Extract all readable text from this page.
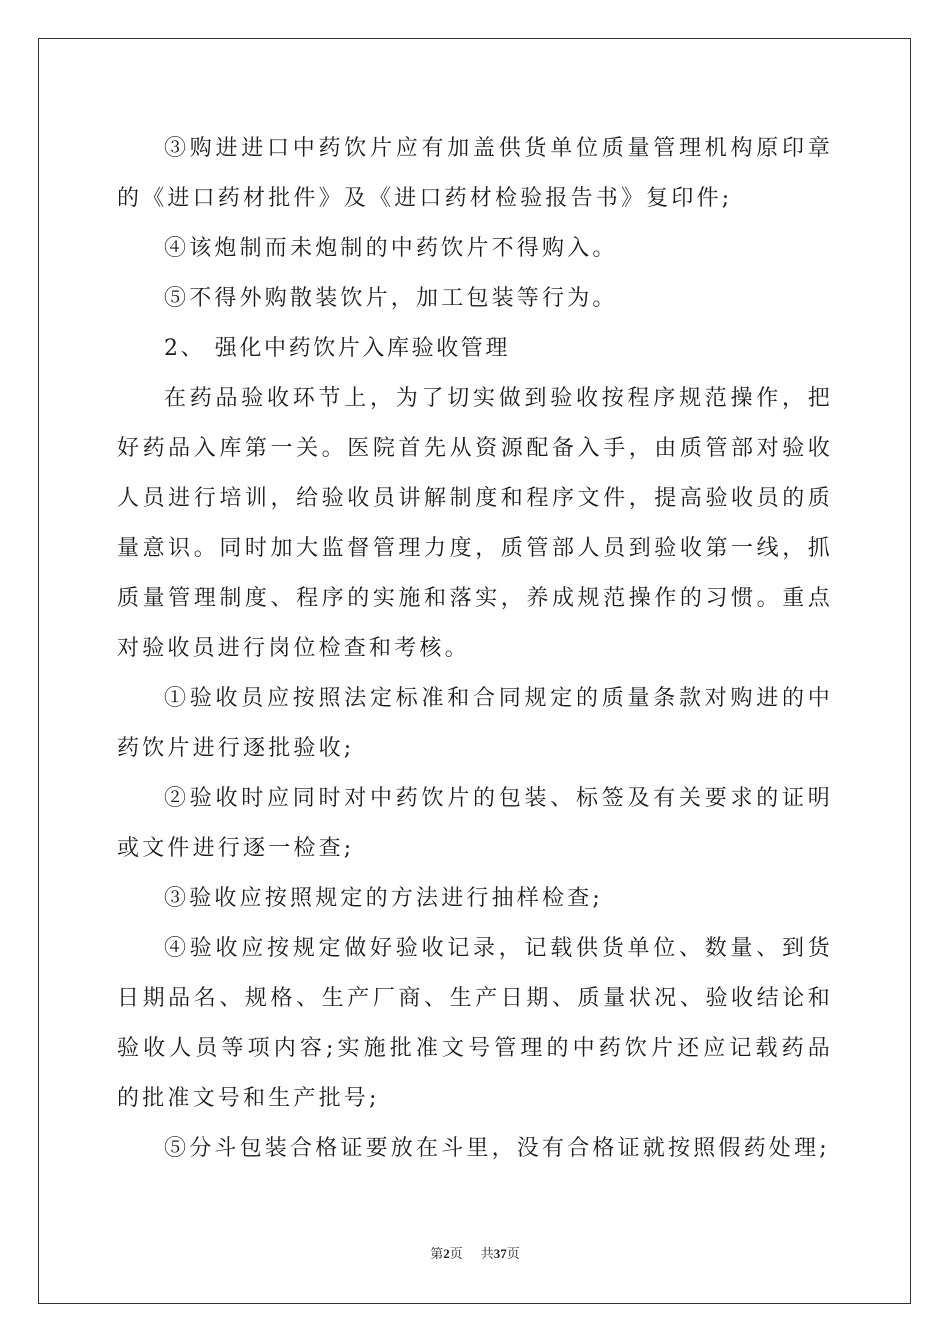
③购进进口中药饮片应有加盖供货单位质量管理机构原印章的《进口药材批件》及《进口药材检验报告书》复印件;

④该炮制而未炮制的中药饮片不得购入。

⑤不得外购散装饮片，加工包装等行为。

2、 强化中药饮片入库验收管理

在药品验收环节上，为了切实做到验收按程序规范操作，把好药品入库第一关。医院首先从资源配备入手，由质管部对验收人员进行培训，给验收员讲解制度和程序文件，提高验收员的质量意识。同时加大监督管理力度，质管部人员到验收第一线，抓质量管理制度、程序的实施和落实，养成规范操作的习惯。重点对验收员进行岗位检查和考核。

①验收员应按照法定标准和合同规定的质量条款对购进的中药饮片进行逐批验收;

②验收时应同时对中药饮片的包装、标签及有关要求的证明或文件进行逐一检查;

③验收应按照规定的方法进行抽样检查;

④验收应按规定做好验收记录，记载供货单位、数量、到货日期品名、规格、生产厂商、生产日期、质量状况、验收结论和验收人员等项内容;实施批准文号管理的中药饮片还应记载药品的批准文号和生产批号;

⑤分斗包装合格证要放在斗里，没有合格证就按照假药处理;

第2页 共37页
